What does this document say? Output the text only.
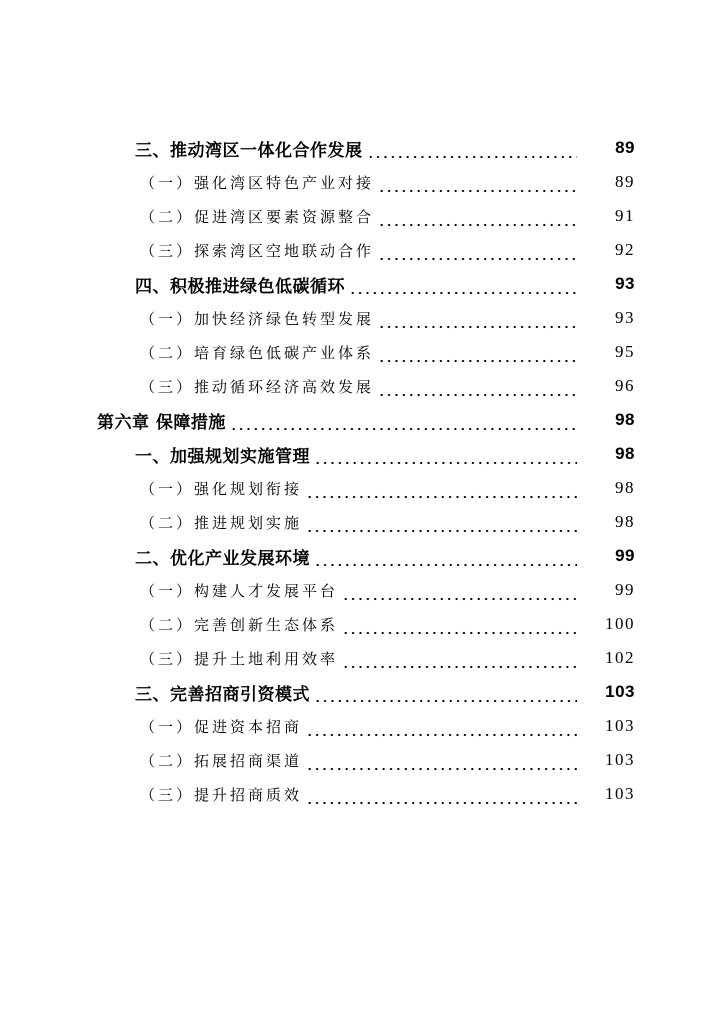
三、推动湾区一体化合作发展	89
（一）强化湾区特色产业对接	89
（二）促进湾区要素资源整合	91
（三）探索湾区空地联动合作	92
四、积极推进绿色低碳循环	93
（一）加快经济绿色转型发展	93
（二）培育绿色低碳产业体系	95
（三）推动循环经济高效发展	96
第六章 保障措施	98
一、加强规划实施管理	98
（一）强化规划衔接	98
（二）推进规划实施	98
二、优化产业发展环境	99
（一）构建人才发展平台	99
（二）完善创新生态体系	100
（三）提升土地利用效率	102
三、完善招商引资模式	103
（一）促进资本招商	103
（二）拓展招商渠道	103
（三）提升招商质效	103
